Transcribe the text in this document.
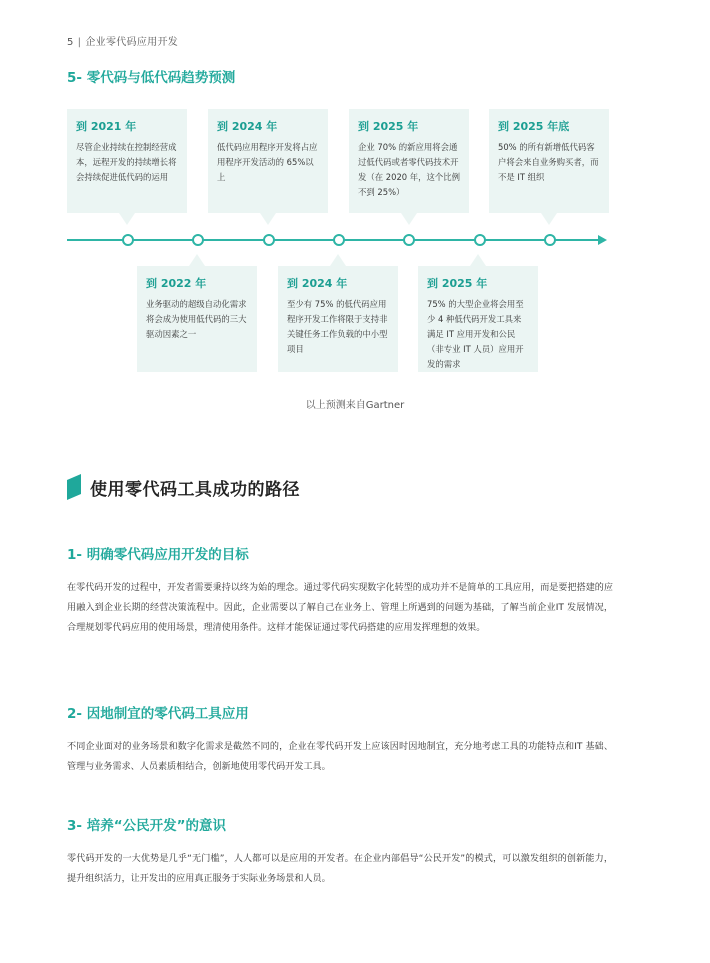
5 | 企业零代码应用开发
5- 零代码与低代码趋势预测
到 2021 年
尽管企业持续在控制经营成本，远程开发的持续增长将会持续促进低代码的运用
到 2024 年
低代码应用程序开发将占应用程序开发活动的 65%以上
到 2025 年
企业 70% 的新应用将会通过低代码或者零代码技术开发（在 2020 年，这个比例不到 25%）
到 2025 年底
50% 的所有新增低代码客户将会来自业务购买者，而不是 IT 组织
到 2022 年
业务驱动的超级自动化需求将会成为使用低代码的三大驱动因素之一
到 2024 年
至少有 75% 的低代码应用程序开发工作将限于支持非关键任务工作负载的中小型项目
到 2025 年
75% 的大型企业将会用至少 4 种低代码开发工具来满足 IT 应用开发和公民（非专业 IT 人员）应用开发的需求
以上预测来自Gartner
使用零代码工具成功的路径
1- 明确零代码应用开发的目标

在零代码开发的过程中，开发者需要秉持以终为始的理念。通过零代码实现数字化转型的成功并不是简单的工具应用，而是要把搭建的应用融入到企业长期的经营决策流程中。因此，企业需要以了解自己在业务上、管理上所遇到的问题为基础，了解当前企业IT 发展情况，合理规划零代码应用的使用场景，理清使用条件。这样才能保证通过零代码搭建的应用发挥理想的效果。

2- 因地制宜的零代码工具应用

不同企业面对的业务场景和数字化需求是截然不同的，企业在零代码开发上应该因时因地制宜，充分地考虑工具的功能特点和IT 基础、管理与业务需求、人员素质相结合，创新地使用零代码开发工具。

3- 培养“公民开发”的意识

零代码开发的一大优势是几乎“无门槛”，人人都可以是应用的开发者。在企业内部倡导“公民开发”的模式，可以激发组织的创新能力，提升组织活力，让开发出的应用真正服务于实际业务场景和人员。
